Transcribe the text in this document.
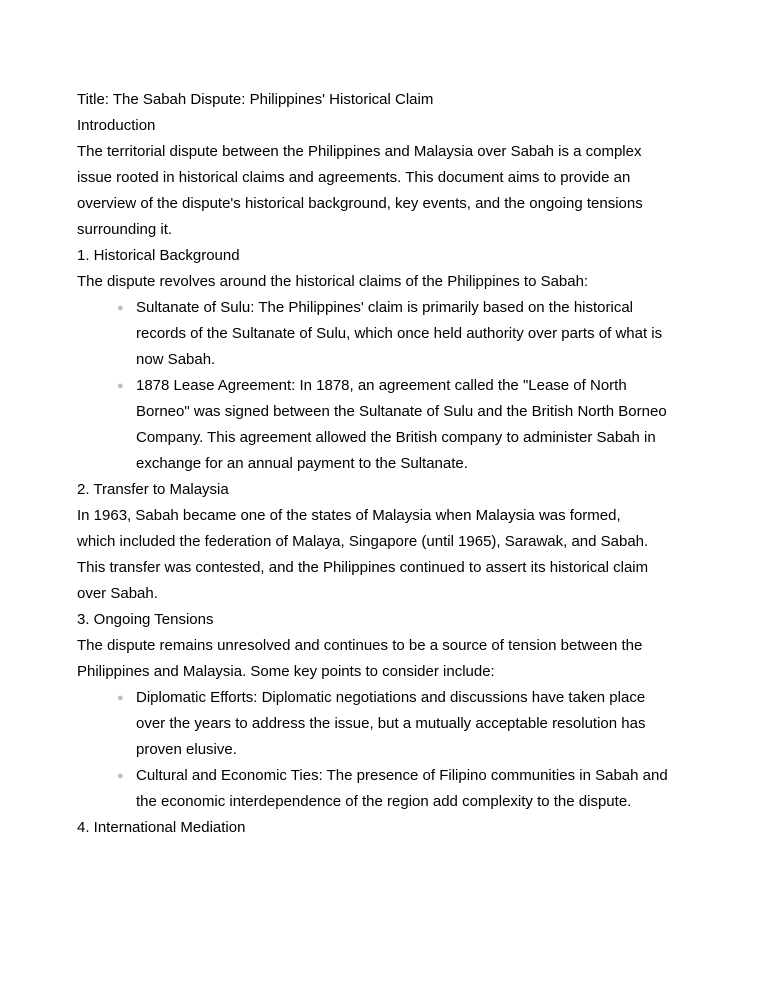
Title: The Sabah Dispute: Philippines' Historical Claim
Introduction
The territorial dispute between the Philippines and Malaysia over Sabah is a complex
issue rooted in historical claims and agreements. This document aims to provide an
overview of the dispute's historical background, key events, and the ongoing tensions
surrounding it.
1. Historical Background
The dispute revolves around the historical claims of the Philippines to Sabah:
● Sultanate of Sulu: The Philippines' claim is primarily based on the historical
records of the Sultanate of Sulu, which once held authority over parts of what is
now Sabah.
● 1878 Lease Agreement: In 1878, an agreement called the "Lease of North
Borneo" was signed between the Sultanate of Sulu and the British North Borneo
Company. This agreement allowed the British company to administer Sabah in
exchange for an annual payment to the Sultanate.
2. Transfer to Malaysia
In 1963, Sabah became one of the states of Malaysia when Malaysia was formed,
which included the federation of Malaya, Singapore (until 1965), Sarawak, and Sabah.
This transfer was contested, and the Philippines continued to assert its historical claim
over Sabah.
3. Ongoing Tensions
The dispute remains unresolved and continues to be a source of tension between the
Philippines and Malaysia. Some key points to consider include:
● Diplomatic Efforts: Diplomatic negotiations and discussions have taken place
over the years to address the issue, but a mutually acceptable resolution has
proven elusive.
● Cultural and Economic Ties: The presence of Filipino communities in Sabah and
the economic interdependence of the region add complexity to the dispute.
4. International Mediation
